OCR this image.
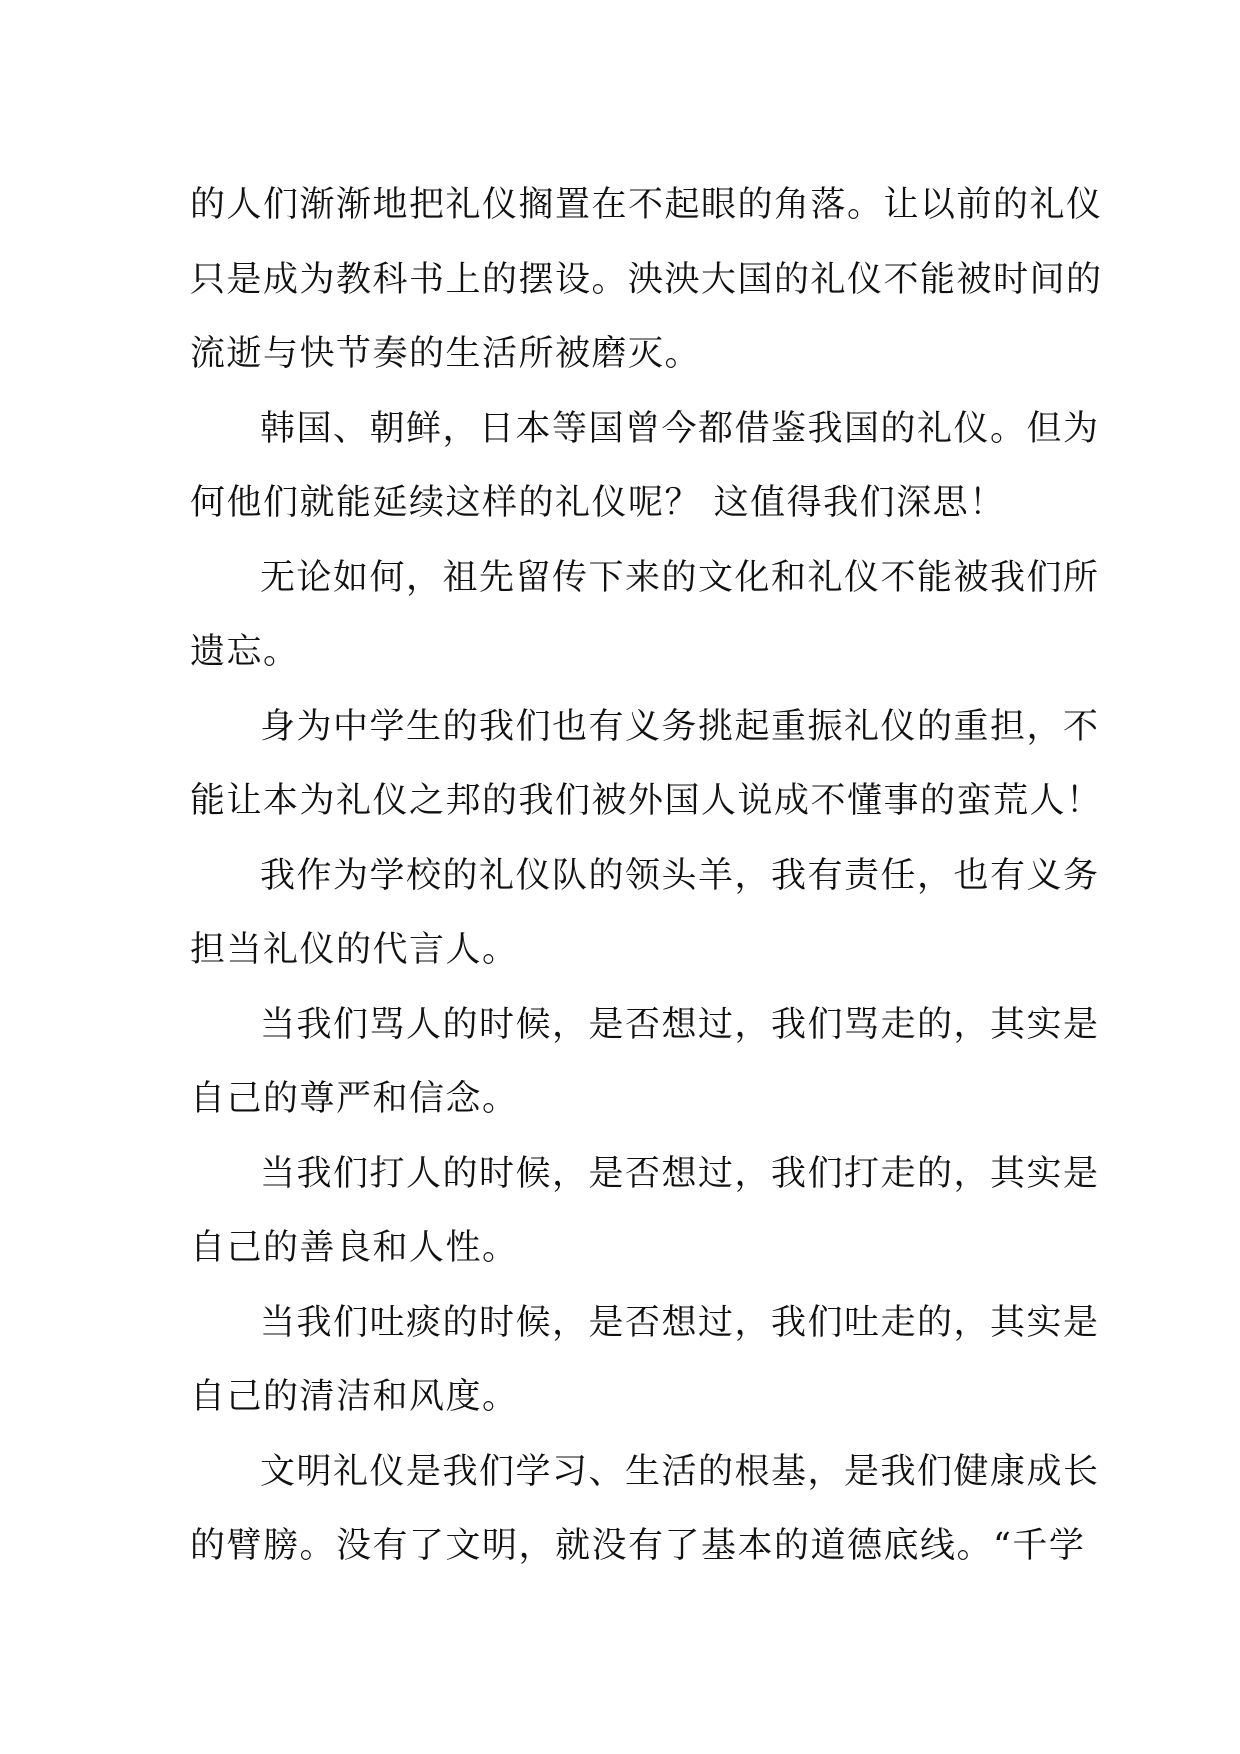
的人们渐渐地把礼仪搁置在不起眼的角落。让以前的礼仪
只是成为教科书上的摆设。泱泱大国的礼仪不能被时间的
流逝与快节奏的生活所被磨灭。

韩国、朝鲜，日本等国曾今都借鉴我国的礼仪。但为
何他们就能延续这样的礼仪呢？ 这值得我们深思！

无论如何，祖先留传下来的文化和礼仪不能被我们所
遗忘。

身为中学生的我们也有义务挑起重振礼仪的重担，不
能让本为礼仪之邦的我们被外国人说成不懂事的蛮荒人！

我作为学校的礼仪队的领头羊，我有责任，也有义务
担当礼仪的代言人。

当我们骂人的时候，是否想过，我们骂走的，其实是
自己的尊严和信念。

当我们打人的时候，是否想过，我们打走的，其实是
自己的善良和人性。

当我们吐痰的时候，是否想过，我们吐走的，其实是
自己的清洁和风度。

文明礼仪是我们学习、生活的根基，是我们健康成长
的臂膀。没有了文明，就没有了基本的道德底线。“千学
